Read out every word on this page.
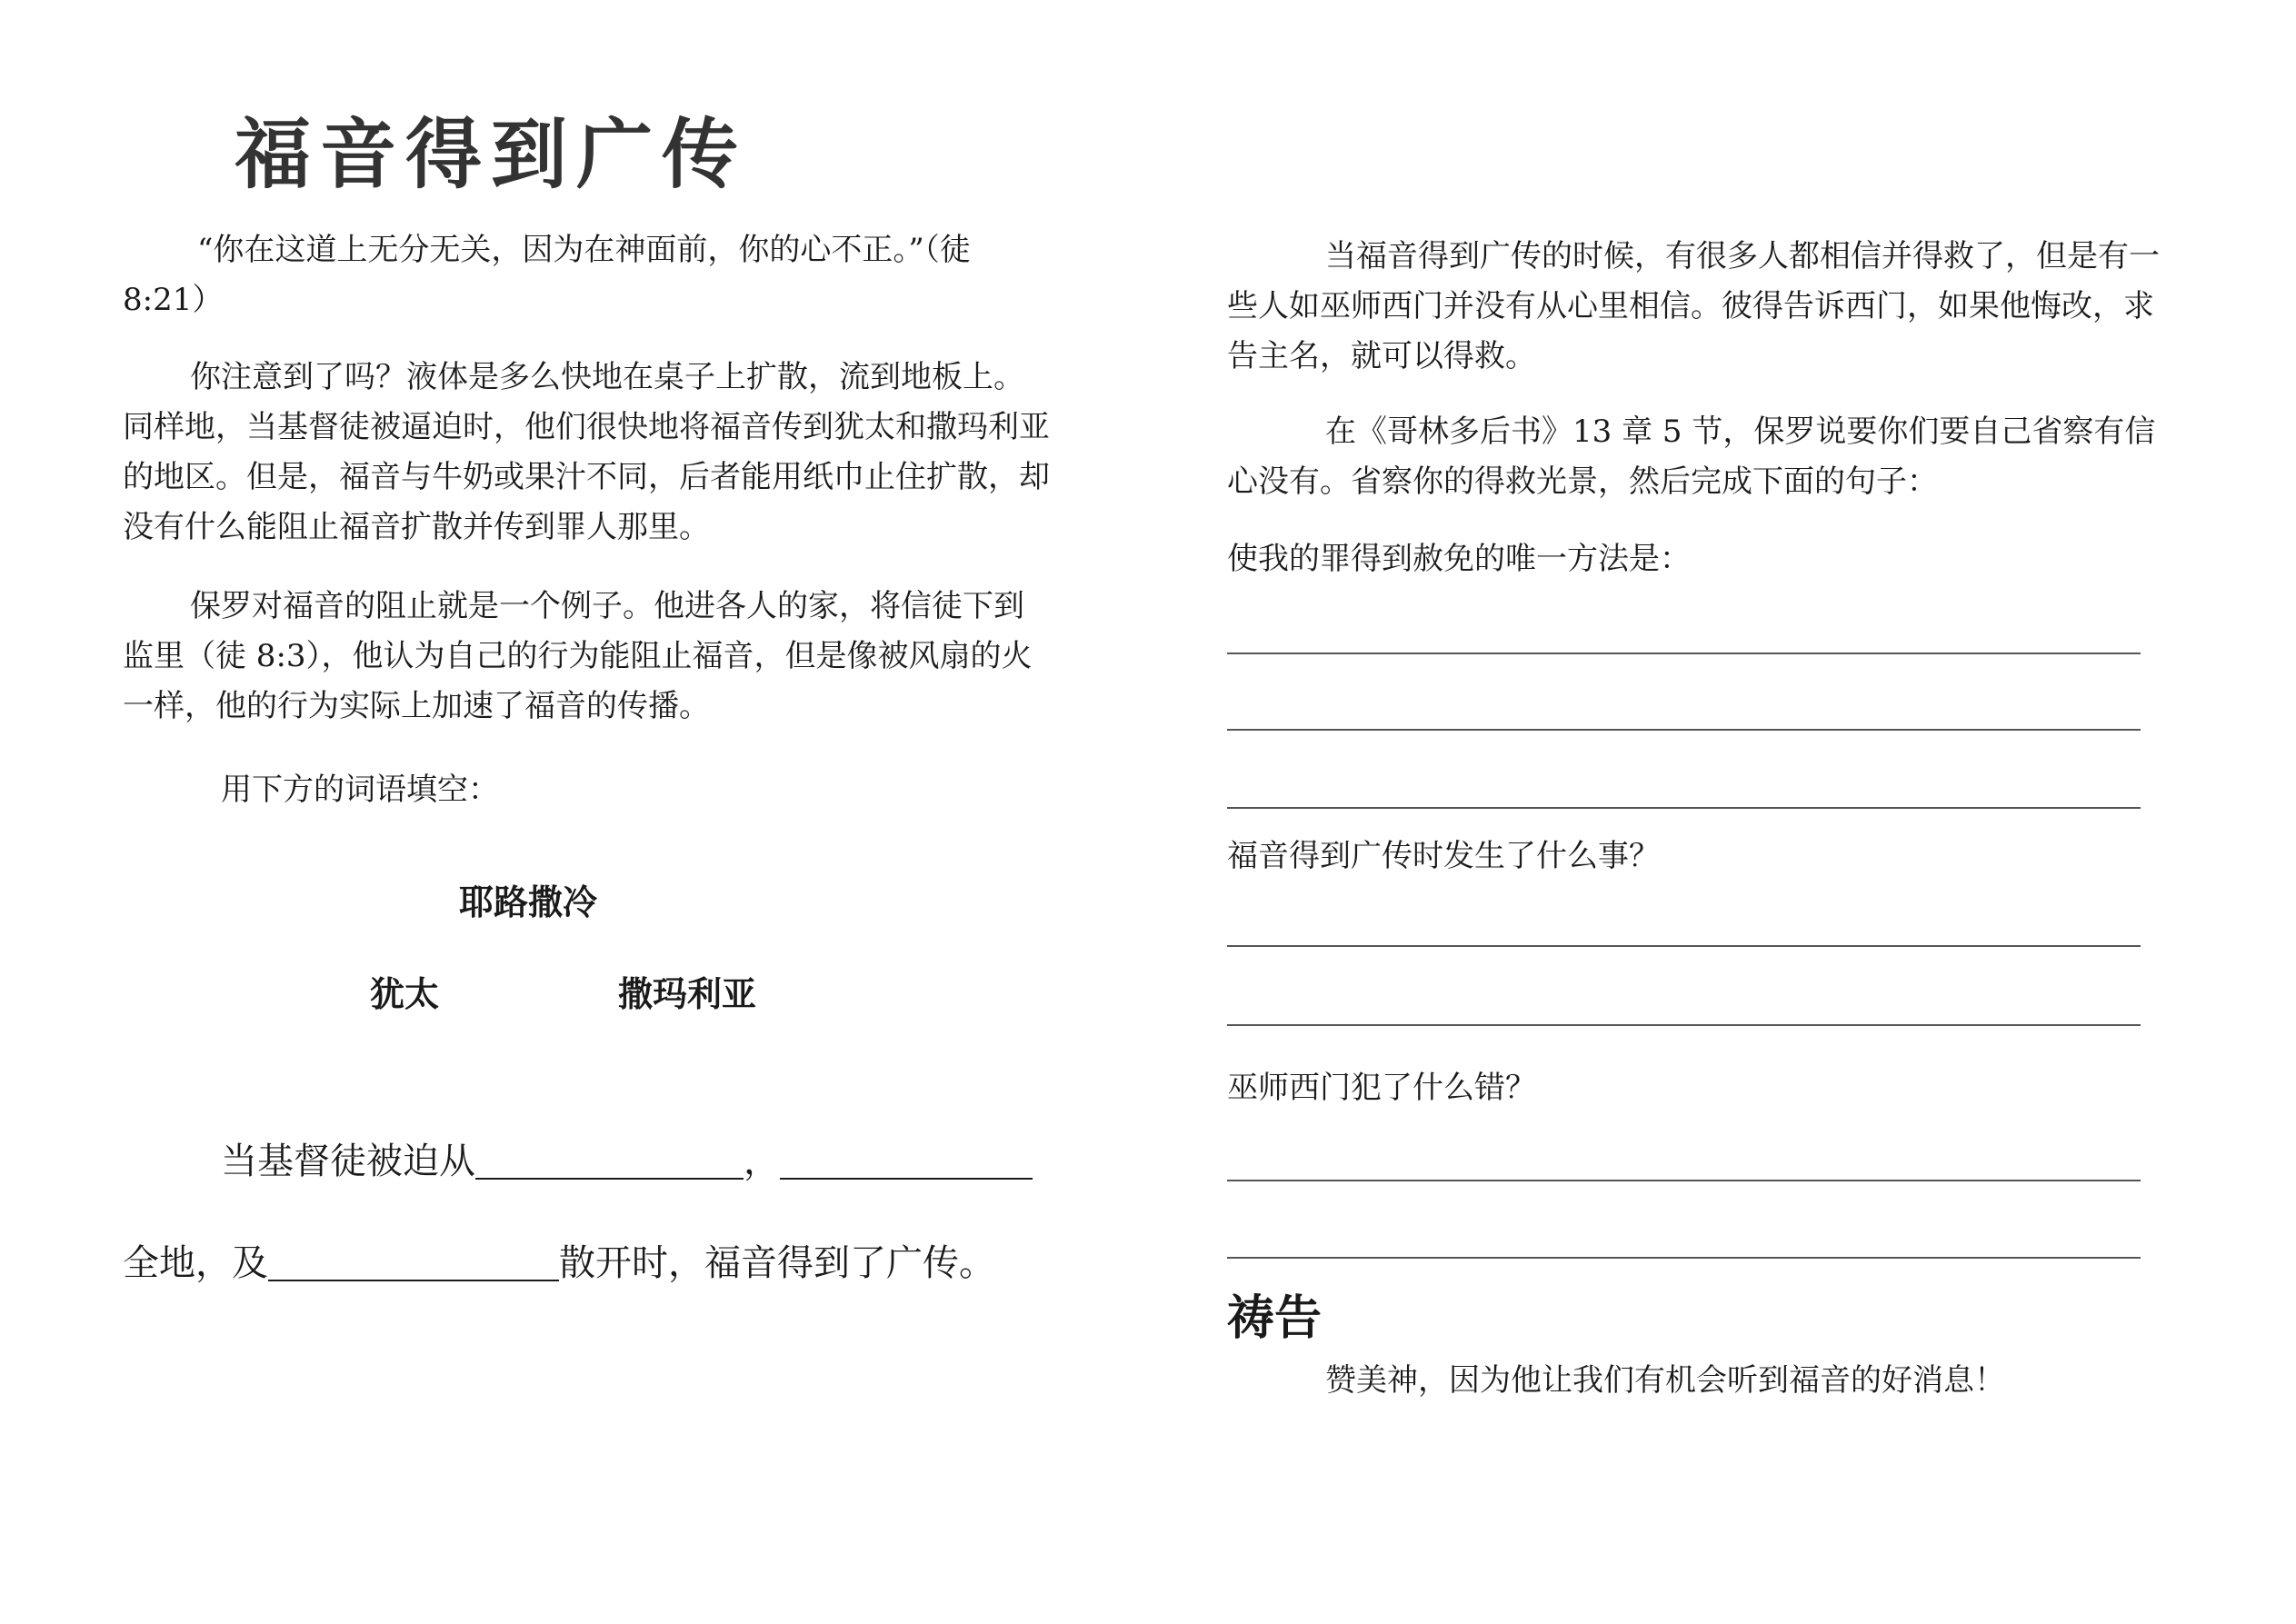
福音得到广传

“你在这道上无分无关，因为在神面前，你的心不正。”（徒 8:21）

你注意到了吗？液体是多么快地在桌子上扩散，流到地板上。同样地，当基督徒被逼迫时，他们很快地将福音传到犹太和撒玛利亚的地区。但是，福音与牛奶或果汁不同，后者能用纸巾止住扩散，却没有什么能阻止福音扩散并传到罪人那里。

保罗对福音的阻止就是一个例子。他进各人的家，将信徒下到监里（徒 8:3），他认为自己的行为能阻止福音，但是像被风扇的火一样，他的行为实际上加速了福音的传播。

用下方的词语填空：

耶路撒冷
犹太	撒玛利亚
当基督徒被迫从	，
全地，及	散开时，福音得到了广传。

当福音得到广传的时候，有很多人都相信并得救了，但是有一些人如巫师西门并没有从心里相信。彼得告诉西门，如果他悔改，求告主名，就可以得救。

在《哥林多后书》13 章 5 节，保罗说要你们要自己省察有信心没有。省察你的得救光景，然后完成下面的句子：

使我的罪得到赦免的唯一方法是：
福音得到广传时发生了什么事？
巫师西门犯了什么错？
祷告
赞美神，因为他让我们有机会听到福音的好消息！
